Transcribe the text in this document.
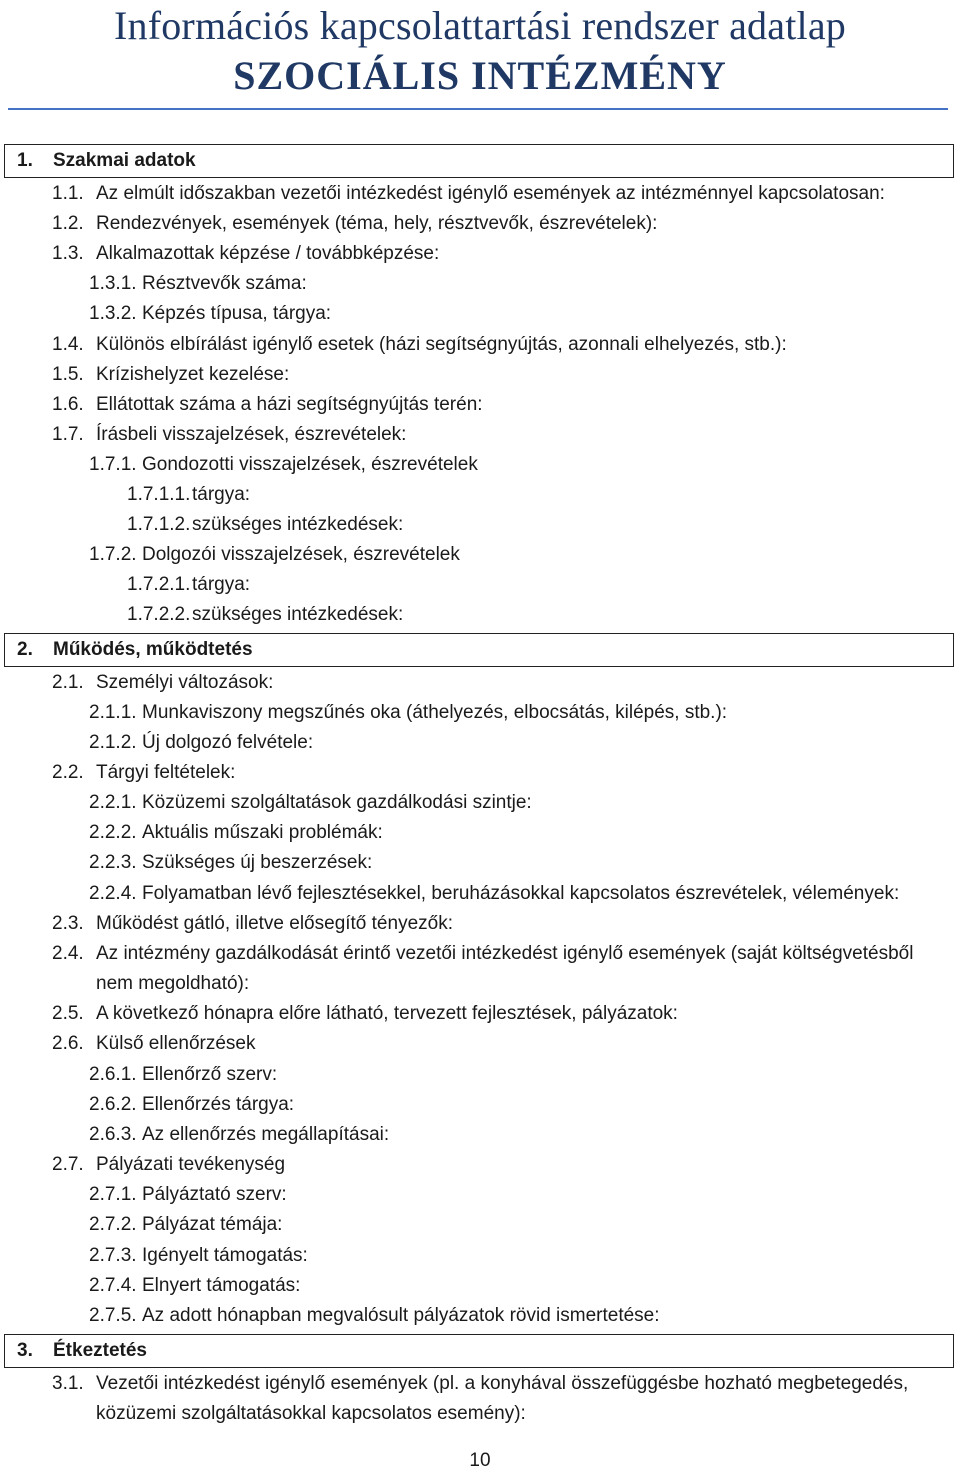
Információs kapcsolattartási rendszer adatlap
SZOCIÁLIS INTÉZMÉNY
1. Szakmai adatok
1.1. Az elmúlt időszakban vezetői intézkedést igénylő események az intézménnyel kapcsolatosan:
1.2. Rendezvények, események (téma, hely, résztvevők, észrevételek):
1.3. Alkalmazottak képzése / továbbképzése:
1.3.1. Résztvevők száma:
1.3.2. Képzés típusa, tárgya:
1.4. Különös elbírálást igénylő esetek (házi segítségnyújtás, azonnali elhelyezés, stb.):
1.5. Krízishelyzet kezelése:
1.6. Ellátottak száma a házi segítségnyújtás terén:
1.7. Írásbeli visszajelzések, észrevételek:
1.7.1. Gondozotti visszajelzések, észrevételek
1.7.1.1. tárgya:
1.7.1.2. szükséges intézkedések:
1.7.2. Dolgozói visszajelzések, észrevételek
1.7.2.1. tárgya:
1.7.2.2. szükséges intézkedések:
2. Működés, működtetés
2.1. Személyi változások:
2.1.1. Munkaviszony megszűnés oka (áthelyezés, elbocsátás, kilépés, stb.):
2.1.2. Új dolgozó felvétele:
2.2. Tárgyi feltételek:
2.2.1. Közüzemi szolgáltatások gazdálkodási szintje:
2.2.2. Aktuális műszaki problémák:
2.2.3. Szükséges új beszerzések:
2.2.4. Folyamatban lévő fejlesztésekkel, beruházásokkal kapcsolatos észrevételek, vélemények:
2.3. Működést gátló, illetve elősegítő tényezők:
2.4. Az intézmény gazdálkodását érintő vezetői intézkedést igénylő események (saját költségvetésből
nem megoldható):
2.5. A következő hónapra előre látható, tervezett fejlesztések, pályázatok:
2.6. Külső ellenőrzések
2.6.1. Ellenőrző szerv:
2.6.2. Ellenőrzés tárgya:
2.6.3. Az ellenőrzés megállapításai:
2.7. Pályázati tevékenység
2.7.1. Pályáztató szerv:
2.7.2. Pályázat témája:
2.7.3. Igényelt támogatás:
2.7.4. Elnyert támogatás:
2.7.5. Az adott hónapban megvalósult pályázatok rövid ismertetése:
3. Étkeztetés
3.1. Vezetői intézkedést igénylő események (pl. a konyhával összefüggésbe hozható megbetegedés,
közüzemi szolgáltatásokkal kapcsolatos esemény):
10
